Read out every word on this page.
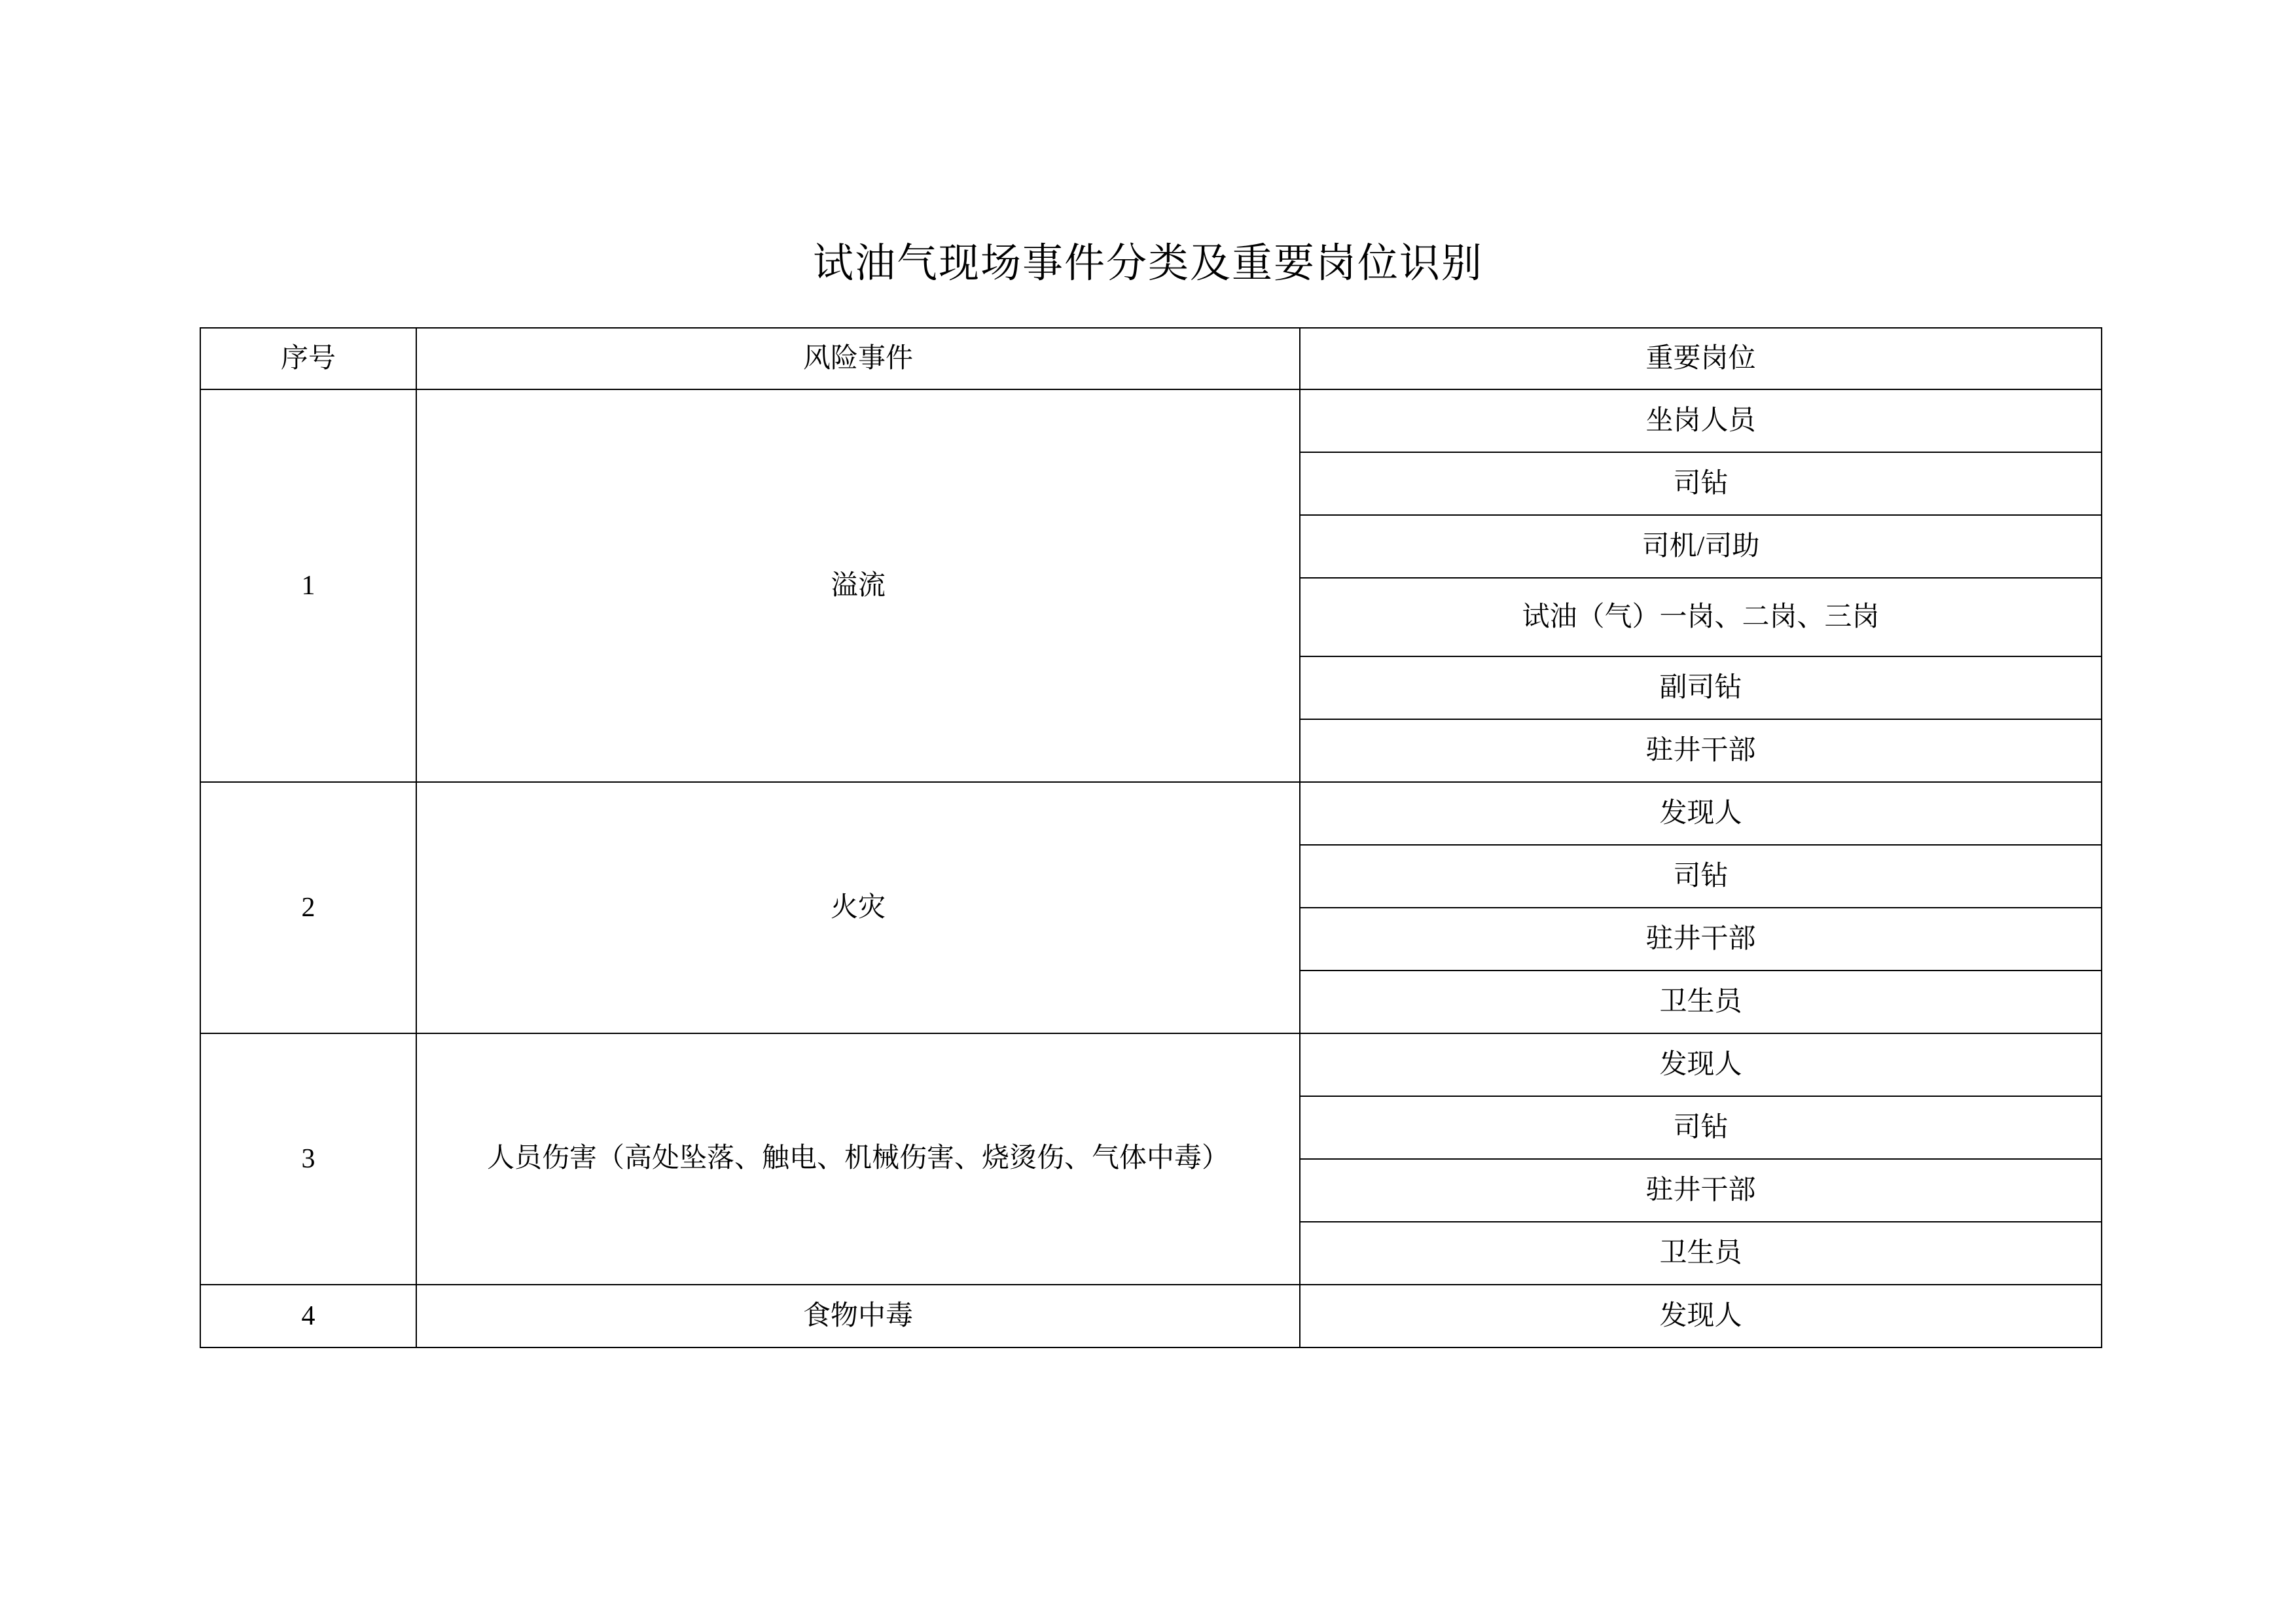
试油气现场事件分类及重要岗位识别
序号	风险事件	重要岗位
1	溢流	坐岗人员
		司钻
		司机/司助
		试油（气）一岗、二岗、三岗
		副司钻
		驻井干部
2	火灾	发现人
		司钻
		驻井干部
		卫生员
3	人员伤害（高处坠落、触电、机械伤害、烧烫伤、气体中毒）	发现人
		司钻
		驻井干部
		卫生员
4	食物中毒	发现人
